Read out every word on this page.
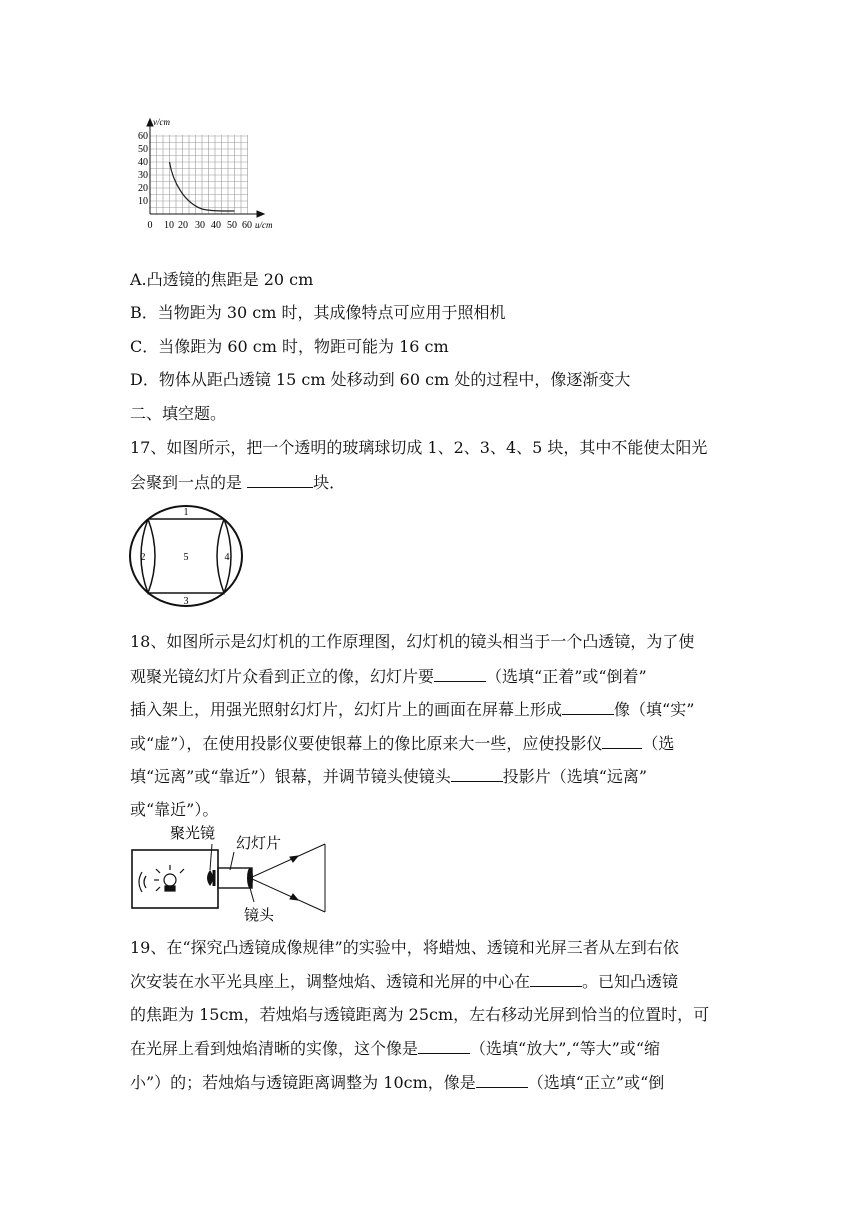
v/cm
60
50
40
30
20
10
0 10 20 30 40 50 60 u/cm
A.凸透镜的焦距是 20 cm
B．当物距为 30 cm 时，其成像特点可应用于照相机
C．当像距为 60 cm 时，物距可能为 16 cm
D．物体从距凸透镜 15 cm 处移动到 60 cm 处的过程中，像逐渐变大
二、填空题。
17、如图所示，把一个透明的玻璃球切成 1、2、3、4、5 块，其中不能使太阳光
会聚到一点的是	块．
1
2	5	4
3
18、如图所示是幻灯机的工作原理图，幻灯机的镜头相当于一个凸透镜，为了使
观聚光镜幻灯片众看到正立的像，幻灯片要	（选填“正着”或“倒着”
插入架上，用强光照射幻灯片，幻灯片上的画面在屏幕上形成	像（填“实”
或“虚”），在使用投影仪要使银幕上的像比原来大一些，应使投影仪	（选
填“远离”或“靠近”）银幕，并调节镜头使镜头	投影片（选填“远离”
或“靠近”）。
聚光镜
幻灯片
镜头
19、在“探究凸透镜成像规律”的实验中，将蜡烛、透镜和光屏三者从左到右依
次安装在水平光具座上，调整烛焰、透镜和光屏的中心在	。已知凸透镜
的焦距为 15cm，若烛焰与透镜距离为 25cm，左右移动光屏到恰当的位置时，可
在光屏上看到烛焰清晰的实像，这个像是	（选填“放大”,“等大”或“缩
小”）的；若烛焰与透镜距离调整为 10cm，像是	（选填“正立”或“倒
